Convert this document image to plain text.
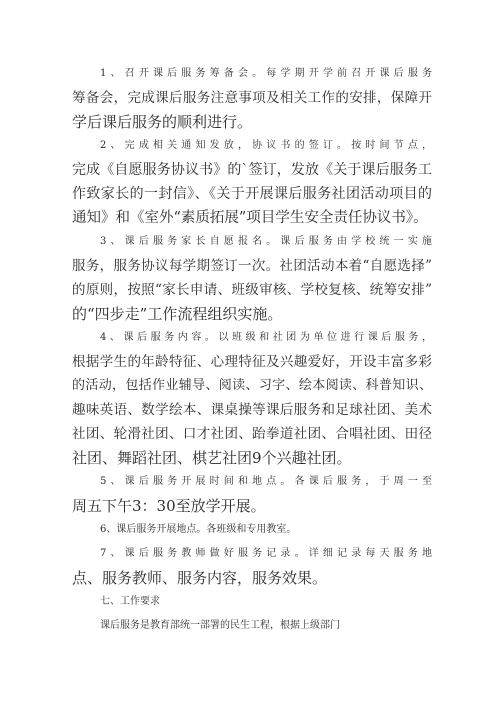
1、召开课后服务筹备会。每学期开学前召开课后服务
筹备会，完成课后服务注意事项及相关工作的安排，保障开
学后课后服务的顺利进行。
2、完成相关通知发放，协议书的签订。按时间节点，
完成《自愿服务协议书》的`签订，发放《关于课后服务工
作致家长的一封信》、《关于开展课后服务社团活动项目的
通知》和《室外“素质拓展”项目学生安全责任协议书》。
3、课后服务家长自愿报名。课后服务由学校统一实施
服务，服务协议每学期签订一次。社团活动本着“自愿选择”
的原则，按照“家长申请、班级审核、学校复核、统筹安排”
的“四步走”工作流程组织实施。
4、课后服务内容。以班级和社团为单位进行课后服务，
根据学生的年龄特征、心理特征及兴趣爱好，开设丰富多彩
的活动，包括作业辅导、阅读、习字、绘本阅读、科普知识、
趣味英语、数学绘本、课桌操等课后服务和足球社团、美术
社团、轮滑社团、口才社团、跆拳道社团、合唱社团、田径
社团、舞蹈社团、棋艺社团9个兴趣社团。
5、课后服务开展时间和地点。各课后服务，于周一至
周五下午3：30至放学开展。
6、课后服务开展地点。各班级和专用教室。
7、课后服务教师做好服务记录。详细记录每天服务地
点、服务教师、服务内容，服务效果。
七、工作要求
课后服务是教育部统一部署的民生工程，根据上级部门
